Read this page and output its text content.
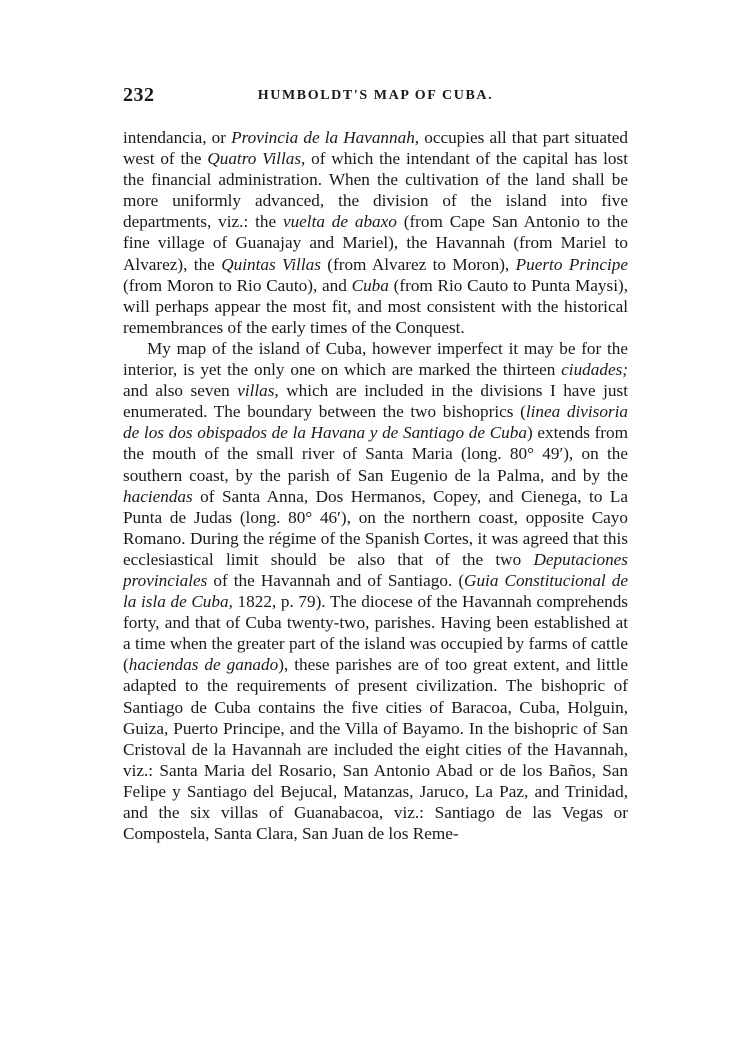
232	HUMBOLDT'S MAP OF CUBA.

intendancia, or Provincia de la Havannah, occupies all that part situated west of the Quatro Villas, of which the intendant of the capital has lost the financial administration. When the cultivation of the land shall be more uniformly advanced, the division of the island into five departments, viz.: the vuelta de abaxo (from Cape San Antonio to the fine village of Guanajay and Mariel), the Havannah (from Mariel to Alvarez), the Quintas Villas (from Alvarez to Moron), Puerto Principe (from Moron to Rio Cauto), and Cuba (from Rio Cauto to Punta Maysi), will perhaps appear the most fit, and most consistent with the historical remembrances of the early times of the Conquest.

My map of the island of Cuba, however imperfect it may be for the interior, is yet the only one on which are marked the thirteen ciudades; and also seven villas, which are included in the divisions I have just enumerated. The boundary between the two bishoprics (linea divisoria de los dos obispados de la Havana y de Santiago de Cuba) extends from the mouth of the small river of Santa Maria (long. 80° 49′), on the southern coast, by the parish of San Eugenio de la Palma, and by the haciendas of Santa Anna, Dos Hermanos, Copey, and Cienega, to La Punta de Judas (long. 80° 46′), on the northern coast, opposite Cayo Romano. During the régime of the Spanish Cortes, it was agreed that this ecclesiastical limit should be also that of the two Deputaciones provinciales of the Havannah and of Santiago. (Guia Constitucional de la isla de Cuba, 1822, p. 79). The diocese of the Havannah comprehends forty, and that of Cuba twenty-two, parishes. Having been established at a time when the greater part of the island was occupied by farms of cattle (haciendas de ganado), these parishes are of too great extent, and little adapted to the requirements of present civilization. The bishopric of Santiago de Cuba contains the five cities of Baracoa, Cuba, Holguin, Guiza, Puerto Principe, and the Villa of Bayamo. In the bishopric of San Cristoval de la Havannah are included the eight cities of the Havannah, viz.: Santa Maria del Rosario, San Antonio Abad or de los Baños, San Felipe y Santiago del Bejucal, Matanzas, Jaruco, La Paz, and Trinidad, and the six villas of Guanabacoa, viz.: Santiago de las Vegas or Compostela, Santa Clara, San Juan de los Reme-
